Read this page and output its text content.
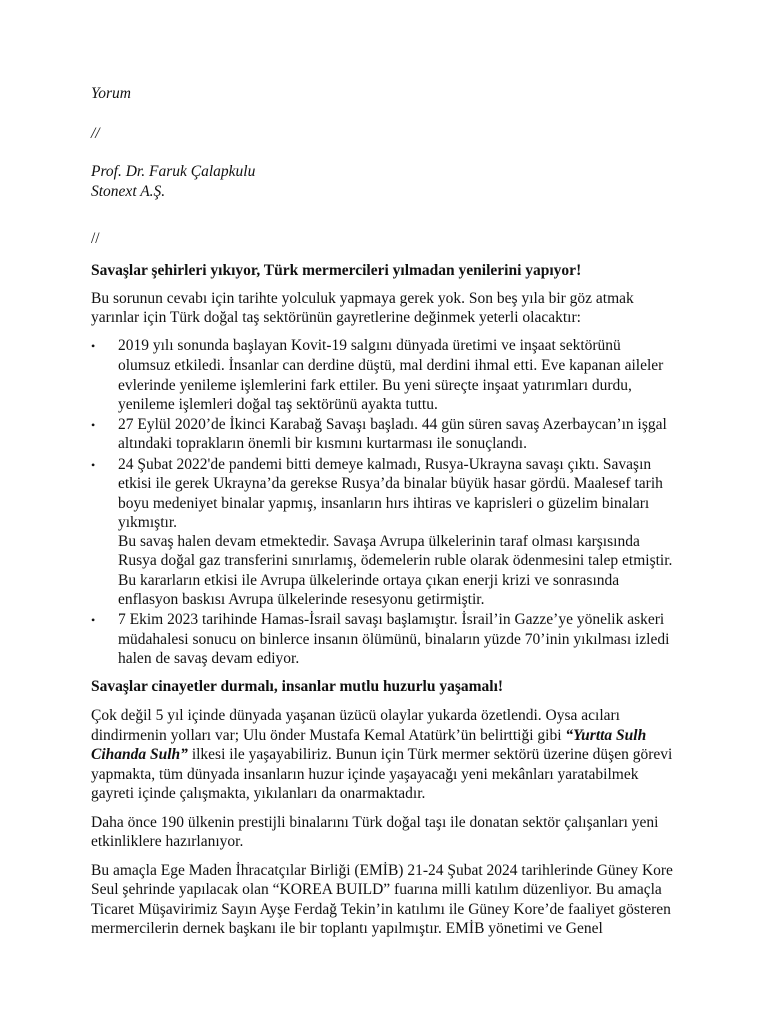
Yorum

//

Prof. Dr. Faruk Çalapkulu

Stonext A.Ş.

//

Savaşlar şehirleri yıkıyor, Türk mermercileri yılmadan yenilerini yapıyor!

Bu sorunun cevabı için tarihte yolculuk yapmaya gerek yok. Son beş yıla bir göz atmak

yarınlar için Türk doğal taş sektörünün gayretlerine değinmek yeterli olacaktır:

• 2019 yılı sonunda başlayan Kovit-19 salgını dünyada üretimi ve inşaat sektörünü

olumsuz etkiledi. İnsanlar can derdine düştü, mal derdini ihmal etti. Eve kapanan aileler

evlerinde yenileme işlemlerini fark ettiler. Bu yeni süreçte inşaat yatırımları durdu,

yenileme işlemleri doğal taş sektörünü ayakta tuttu.

• 27 Eylül 2020’de İkinci Karabağ Savaşı başladı. 44 gün süren savaş Azerbaycan’ın işgal

altındaki toprakların önemli bir kısmını kurtarması ile sonuçlandı.

• 24 Şubat 2022'de pandemi bitti demeye kalmadı, Rusya-Ukrayna savaşı çıktı. Savaşın

etkisi ile gerek Ukrayna’da gerekse Rusya’da binalar büyük hasar gördü. Maalesef tarih

boyu medeniyet binalar yapmış, insanların hırs ihtiras ve kaprisleri o güzelim binaları

yıkmıştır.

Bu savaş halen devam etmektedir. Savaşa Avrupa ülkelerinin taraf olması karşısında

Rusya doğal gaz transferini sınırlamış, ödemelerin ruble olarak ödenmesini talep etmiştir.

Bu kararların etkisi ile Avrupa ülkelerinde ortaya çıkan enerji krizi ve sonrasında

enflasyon baskısı Avrupa ülkelerinde resesyonu getirmiştir.

• 7 Ekim 2023 tarihinde Hamas-İsrail savaşı başlamıştır. İsrail’in Gazze’ye yönelik askeri

müdahalesi sonucu on binlerce insanın ölümünü, binaların yüzde 70’inin yıkılması izledi

halen de savaş devam ediyor.

Savaşlar cinayetler durmalı, insanlar mutlu huzurlu yaşamalı!

Çok değil 5 yıl içinde dünyada yaşanan üzücü olaylar yukarda özetlendi. Oysa acıları

dindirmenin yolları var; Ulu önder Mustafa Kemal Atatürk’ün belirttiği gibi “Yurtta Sulh

Cihanda Sulh” ilkesi ile yaşayabiliriz. Bunun için Türk mermer sektörü üzerine düşen görevi

yapmakta, tüm dünyada insanların huzur içinde yaşayacağı yeni mekânları yaratabilmek

gayreti içinde çalışmakta, yıkılanları da onarmaktadır.

Daha önce 190 ülkenin prestijli binalarını Türk doğal taşı ile donatan sektör çalışanları yeni

etkinliklere hazırlanıyor.

Bu amaçla Ege Maden İhracatçılar Birliği (EMİB) 21-24 Şubat 2024 tarihlerinde Güney Kore

Seul şehrinde yapılacak olan “KOREA BUILD” fuarına milli katılım düzenliyor. Bu amaçla

Ticaret Müşavirimiz Sayın Ayşe Ferdağ Tekin’in katılımı ile Güney Kore’de faaliyet gösteren

mermercilerin dernek başkanı ile bir toplantı yapılmıştır. EMİB yönetimi ve Genel
